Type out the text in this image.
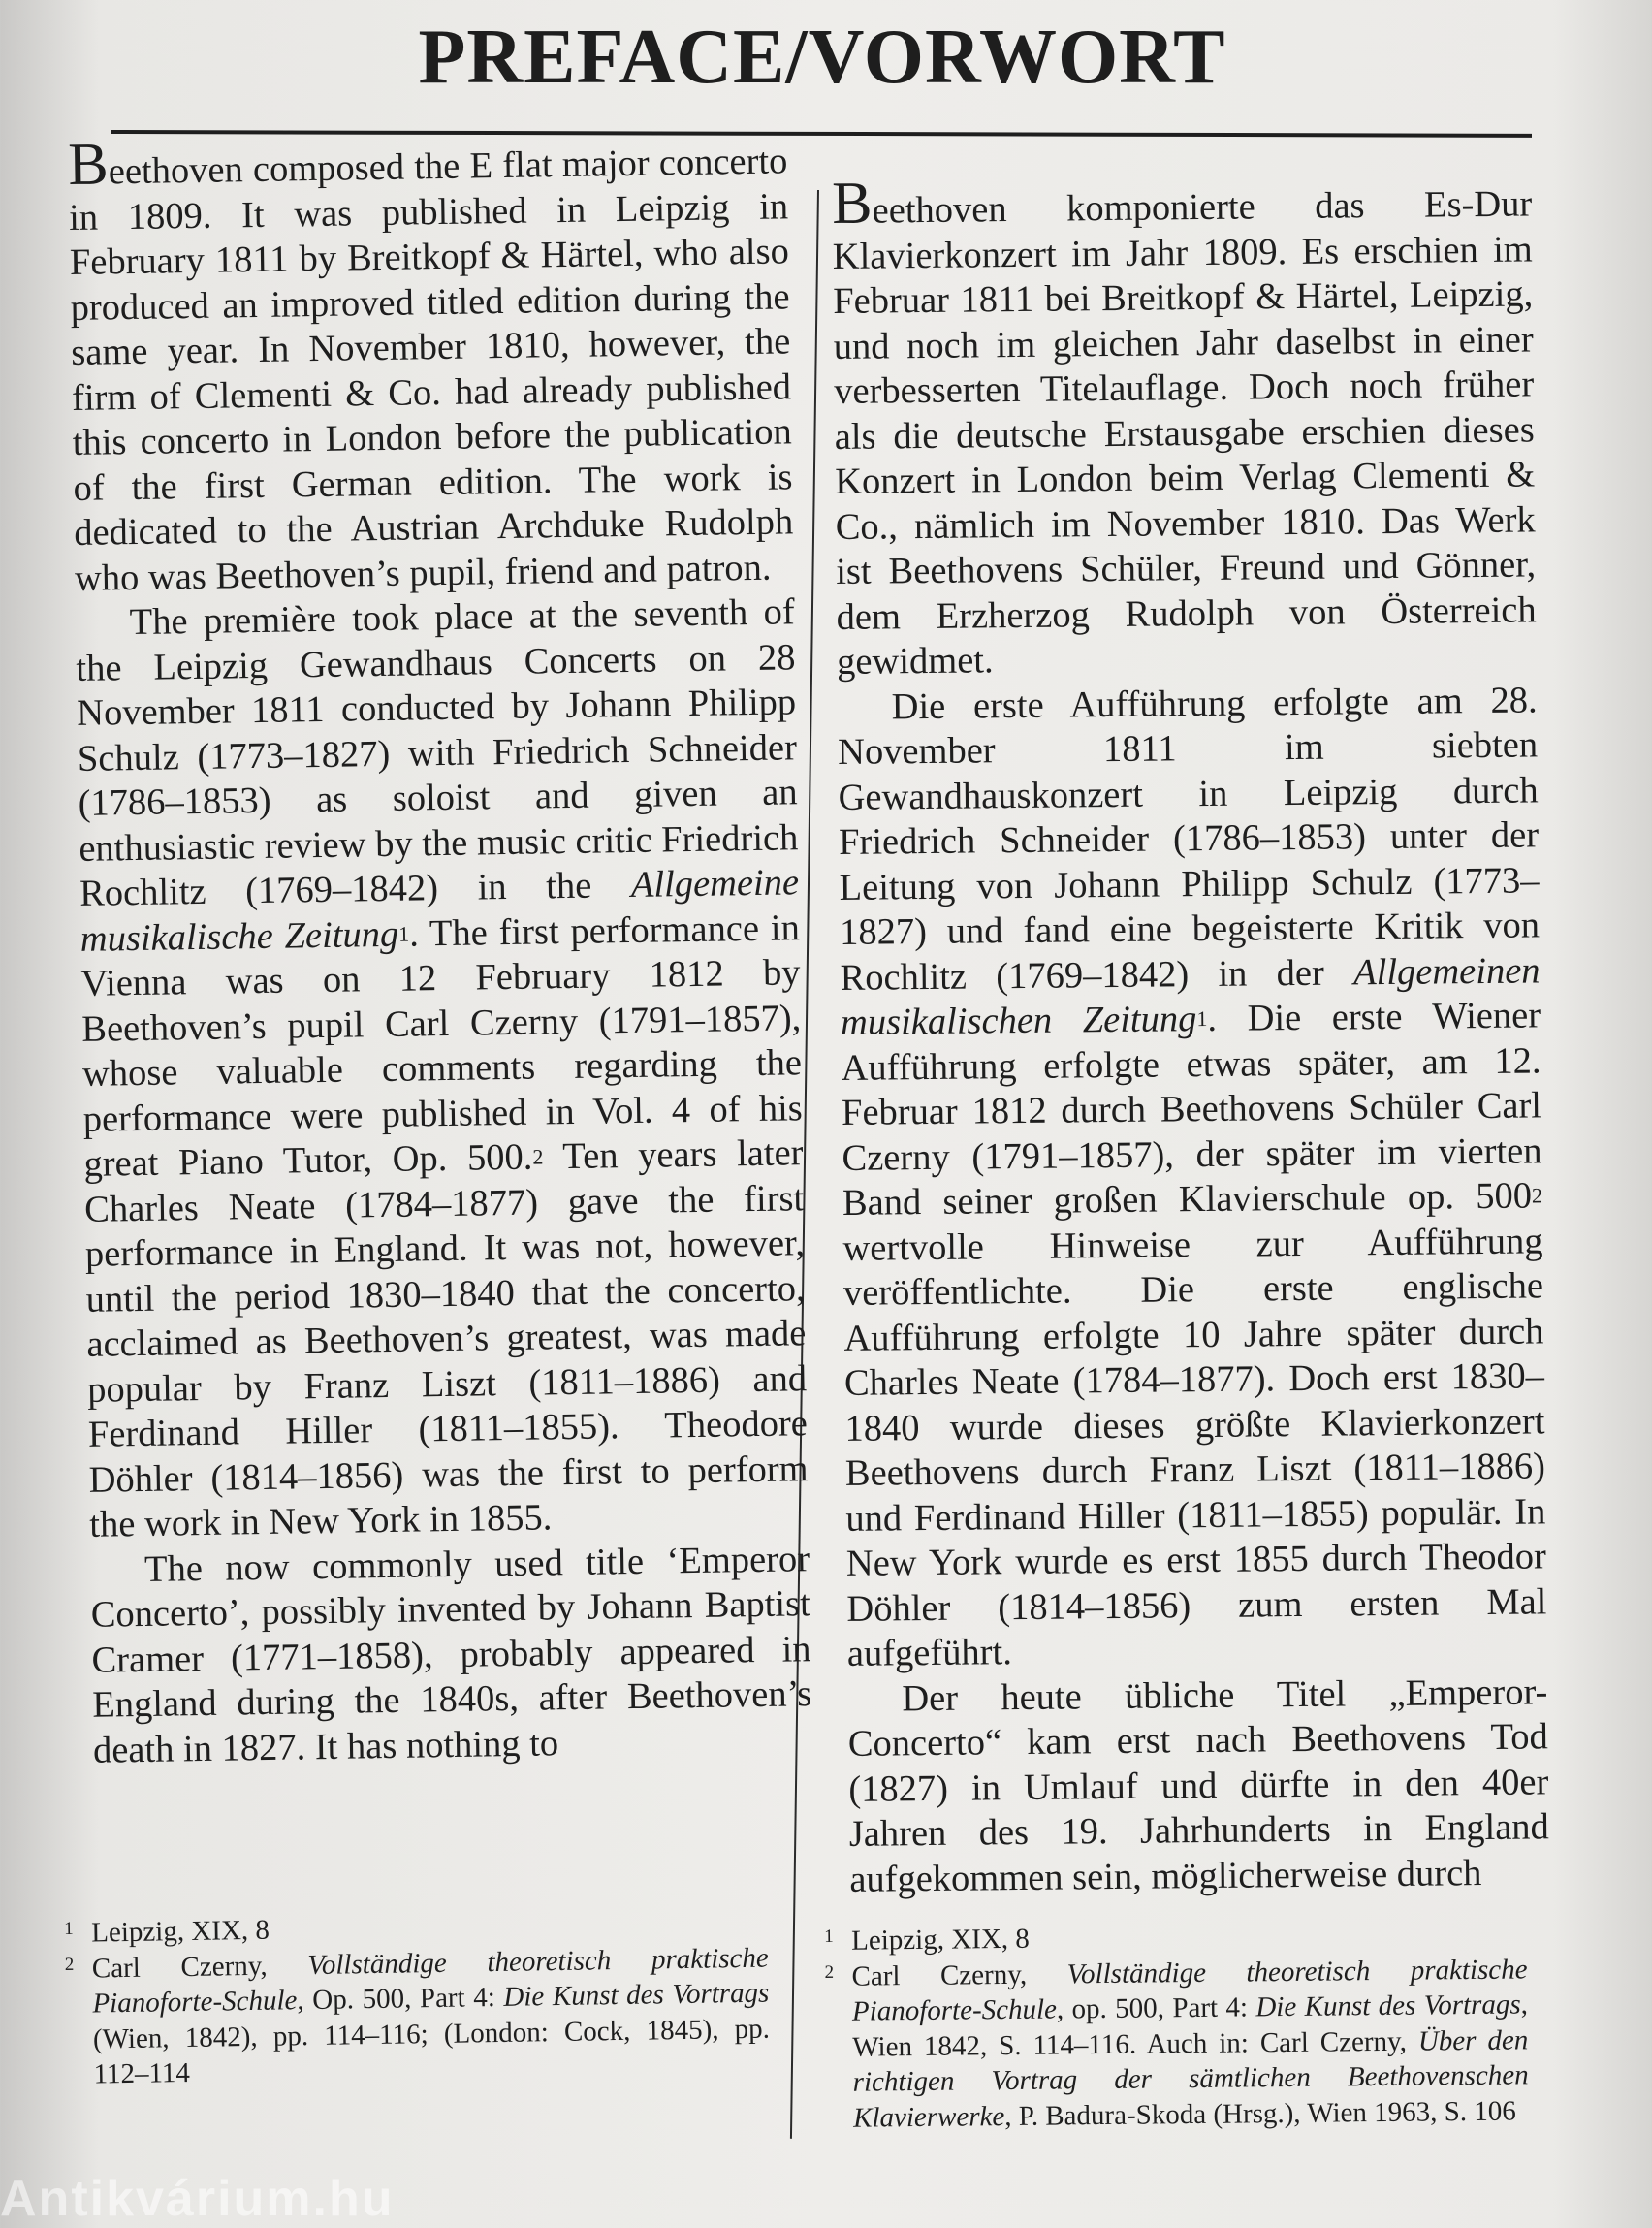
PREFACE/VORWORT

Beethoven composed the E flat major concerto in 1809. It was published in Leipzig in February 1811 by Breitkopf & Härtel, who also produced an improved titled edition during the same year. In November 1810, however, the firm of Clementi & Co. had already published this concerto in London before the publication of the first German edition. The work is dedicated to the Austrian Archduke Rudolph who was Beethoven’s pupil, friend and patron.

The première took place at the seventh of the Leipzig Gewandhaus Concerts on 28 November 1811 conducted by Johann Philipp Schulz (1773–1827) with Friedrich Schneider (1786–1853) as soloist and given an enthusiastic review by the music critic Friedrich Rochlitz (1769–1842) in the Allgemeine musikalische Zeitung$^1$. The first performance in Vienna was on 12 February 1812 by Beethoven’s pupil Carl Czerny (1791–1857), whose valuable comments regarding the performance were published in Vol. 4 of his great Piano Tutor, Op. 500.$^2$ Ten years later Charles Neate (1784–1877) gave the first performance in England. It was not, however, until the period 1830–1840 that the concerto, acclaimed as Beethoven’s greatest, was made popular by Franz Liszt (1811–1886) and Ferdinand Hiller (1811–1855). Theodore Döhler (1814–1856) was the first to perform the work in New York in 1855.

The now commonly used title ‘Emperor Concerto’, possibly invented by Johann Baptist Cramer (1771–1858), probably appeared in England during the 1840s, after Beethoven’s death in 1827. It has nothing to

Beethoven komponierte das Es-Dur Klavierkonzert im Jahr 1809. Es erschien im Februar 1811 bei Breitkopf & Härtel, Leipzig, und noch im gleichen Jahr daselbst in einer verbesserten Titelauflage. Doch noch früher als die deutsche Erstausgabe erschien dieses Konzert in London beim Verlag Clementi & Co., nämlich im November 1810. Das Werk ist Beethovens Schüler, Freund und Gönner, dem Erzherzog Rudolph von Österreich gewidmet.

Die erste Aufführung erfolgte am 28. November 1811 im siebten Gewandhauskonzert in Leipzig durch Friedrich Schneider (1786–1853) unter der Leitung von Johann Philipp Schulz (1773–1827) und fand eine begeisterte Kritik von Rochlitz (1769–1842) in der Allgemeinen musikalischen Zeitung$^1$. Die erste Wiener Aufführung erfolgte etwas später, am 12. Februar 1812 durch Beethovens Schüler Carl Czerny (1791–1857), der später im vierten Band seiner großen Klavierschule op. $500^2$ wertvolle Hinweise zur Aufführung veröffentlichte. Die erste englische Aufführung erfolgte 10 Jahre später durch Charles Neate (1784–1877). Doch erst 1830–1840 wurde dieses größte Klavierkonzert Beethovens durch Franz Liszt (1811–1886) und Ferdinand Hiller (1811–1855) populär. In New York wurde es erst 1855 durch Theodor Döhler (1814–1856) zum ersten Mal aufgeführt.

Der heute übliche Titel „Emperor-Concerto“ kam erst nach Beethovens Tod (1827) in Umlauf und dürfte in den 40er Jahren des 19. Jahrhunderts in England aufgekommen sein, möglicherweise durch

1 Leipzig, XIX, 8
2 Carl Czerny, Vollständige theoretisch praktische Pianoforte-Schule, Op. 500, Part 4: Die Kunst des Vortrags (Wien, 1842), pp. 114–116; (London: Cock, 1845), pp. 112–114
1 Leipzig, XIX, 8
2 Carl Czerny, Vollständige theoretisch praktische Pianoforte-Schule, op. 500, Part 4: Die Kunst des Vortrags, Wien 1842, S. 114–116. Auch in: Carl Czerny, Über den richtigen Vortrag der sämtlichen Beethovenschen Klavierwerke, P. Badura-Skoda (Hrsg.), Wien 1963, S. 106
Antikvárium.hu
